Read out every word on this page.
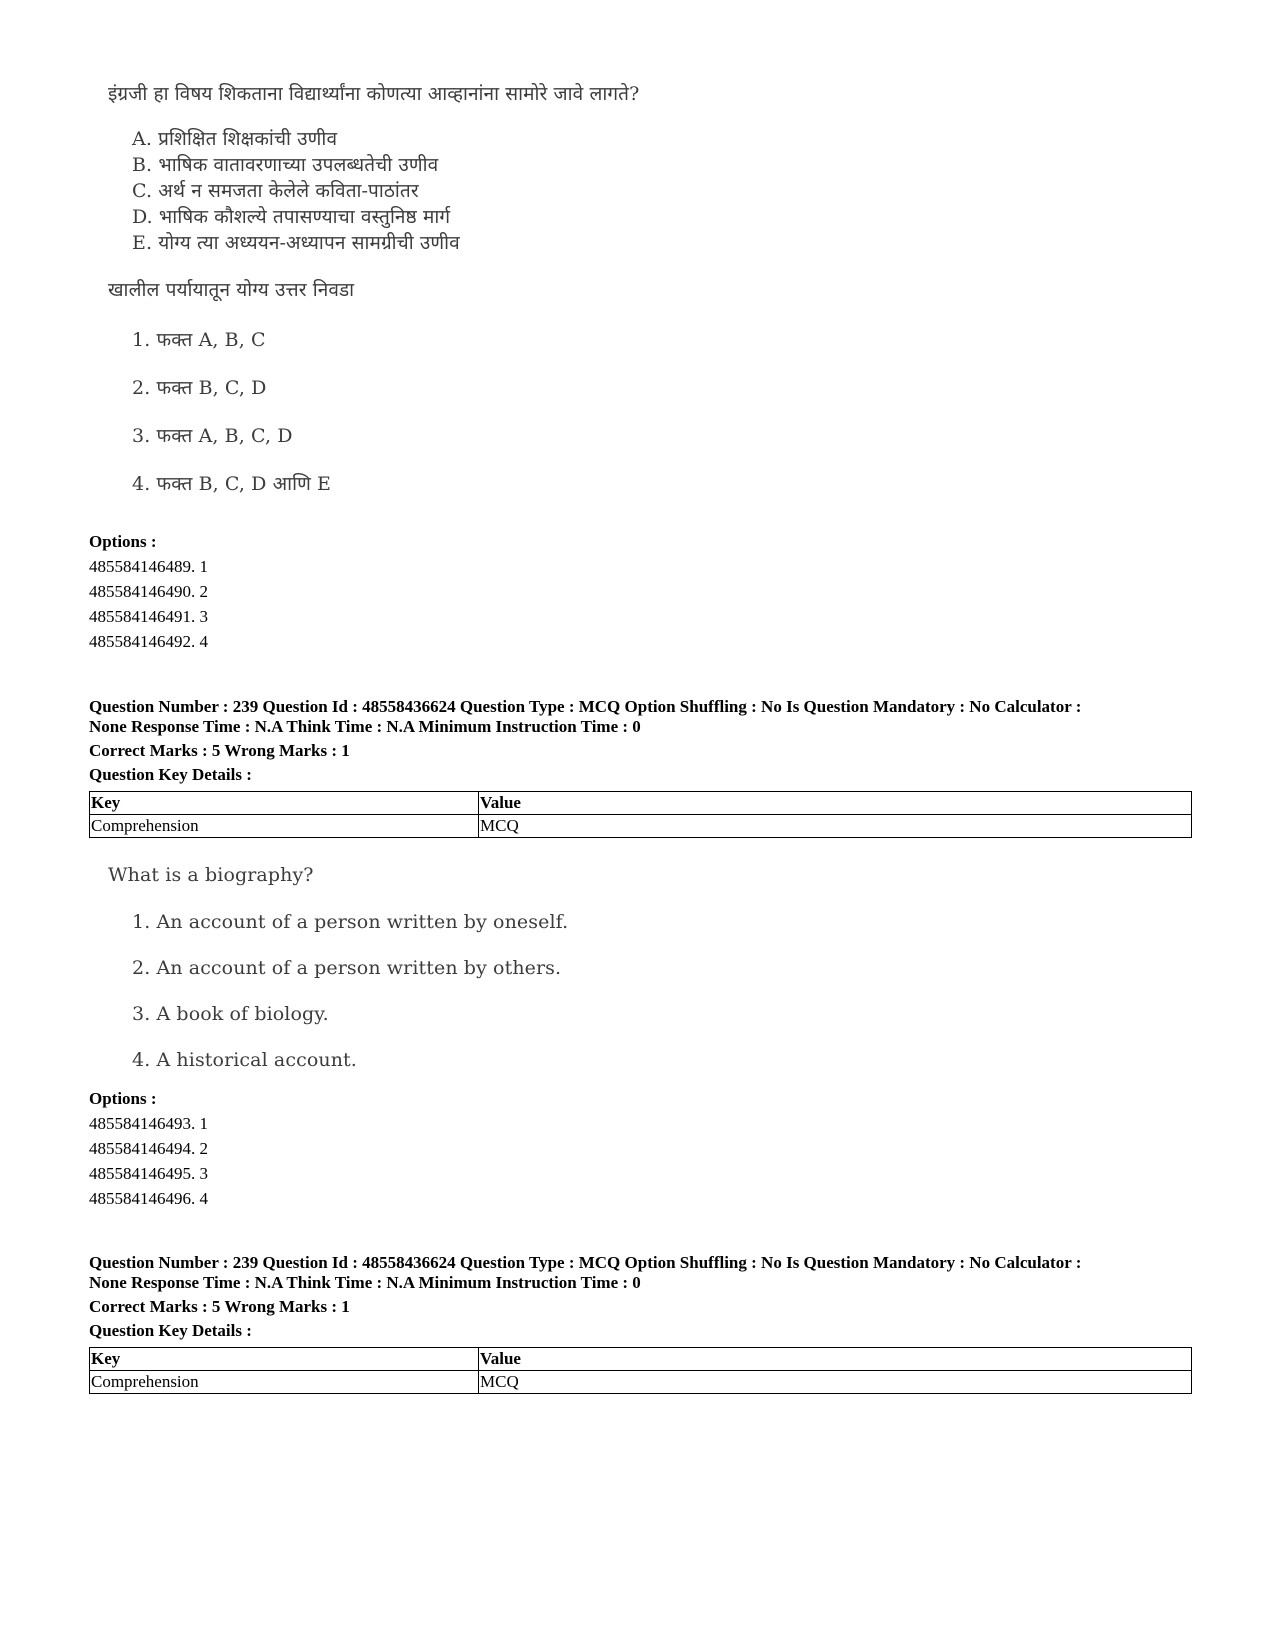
इंग्रजी हा विषय शिकताना विद्यार्थ्यांना कोणत्या आव्हानांना सामोरे जावे लागते?

A. प्रशिक्षित शिक्षकांची उणीव
B. भाषिक वातावरणाच्या उपलब्धतेची उणीव
C. अर्थ न समजता केलेले कविता-पाठांतर
D. भाषिक कौशल्ये तपासण्याचा वस्तुनिष्ठ मार्ग
E. योग्य त्या अध्ययन-अध्यापन सामग्रीची उणीव

खालील पर्यायातून योग्य उत्तर निवडा

1. फक्त A, B, C
2. फक्त B, C, D
3. फक्त A, B, C, D
4. फक्त B, C, D आणि E
Options :
485584146489. 1
485584146490. 2
485584146491. 3
485584146492. 4
Question Number : 239 Question Id : 48558436624 Question Type : MCQ Option Shuffling : No Is Question Mandatory : No Calculator :
None Response Time : N.A Think Time : N.A Minimum Instruction Time : 0
Correct Marks : 5 Wrong Marks : 1
Question Key Details :
Key	Value
Comprehension	MCQ

What is a biography?

1. An account of a person written by oneself.
2. An account of a person written by others.
3. A book of biology.
4. A historical account.
Options :
485584146493. 1
485584146494. 2
485584146495. 3
485584146496. 4
Question Number : 239 Question Id : 48558436624 Question Type : MCQ Option Shuffling : No Is Question Mandatory : No Calculator :
None Response Time : N.A Think Time : N.A Minimum Instruction Time : 0
Correct Marks : 5 Wrong Marks : 1
Question Key Details :
Key	Value
Comprehension	MCQ
